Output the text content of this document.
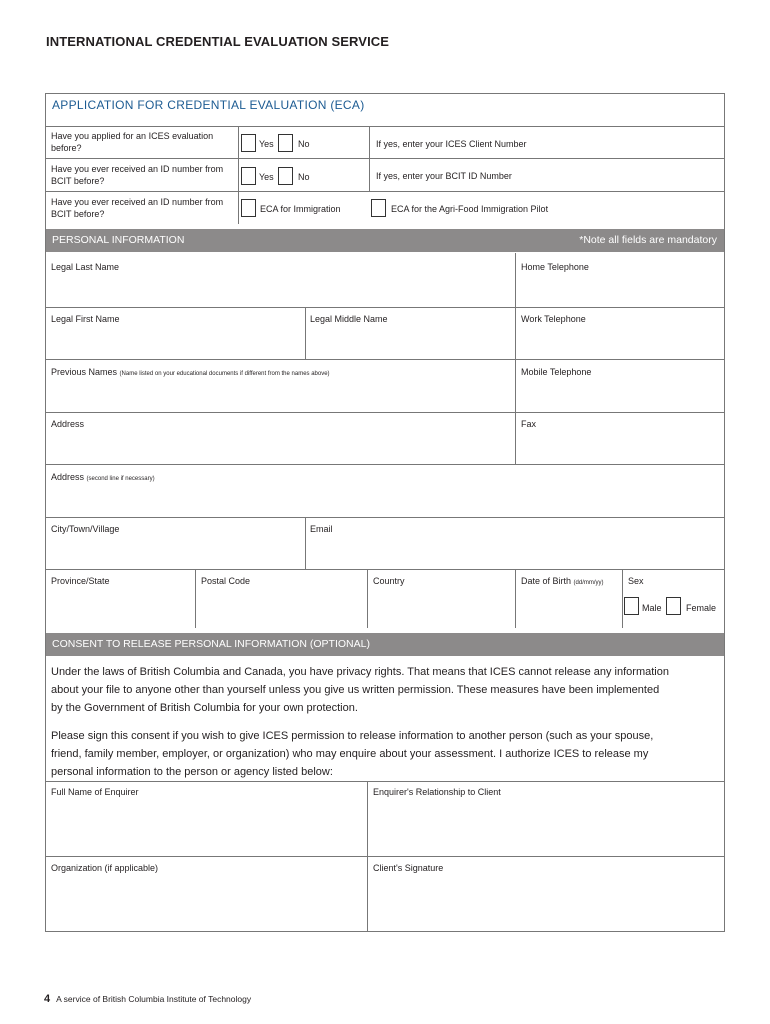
INTERNATIONAL CREDENTIAL EVALUATION SERVICE
APPLICATION FOR CREDENTIAL EVALUATION (ECA)
Have you applied for an ICES evaluation before?	Yes	No	If yes, enter your ICES Client Number
Have you ever received an ID number from BCIT before?	Yes	No	If yes, enter your BCIT ID Number
Have you ever received an ID number from BCIT before?	ECA for Immigration	ECA for the Agri-Food Immigration Pilot
PERSONAL INFORMATION	*Note all fields are mandatory
Legal Last Name	Home Telephone
Legal First Name	Legal Middle Name	Work Telephone
Previous Names (Name listed on your educational documents if different from the names above)	Mobile Telephone
Address	Fax
Address (second line if necessary)
City/Town/Village	Email
Province/State	Postal Code	Country	Date of Birth (dd/mm/yy)	Sex
Male	Female
CONSENT TO RELEASE PERSONAL INFORMATION (OPTIONAL)
Under the laws of British Columbia and Canada, you have privacy rights. That means that ICES cannot release any information
about your file to anyone other than yourself unless you give us written permission. These measures have been implemented
by the Government of British Columbia for your own protection.
Please sign this consent if you wish to give ICES permission to release information to another person (such as your spouse,
friend, family member, employer, or organization) who may enquire about your assessment. I authorize ICES to release my
personal information to the person or agency listed below:
Full Name of Enquirer	Enquirer's Relationship to Client
Organization (if applicable)	Client's Signature
4 A service of British Columbia Institute of Technology
